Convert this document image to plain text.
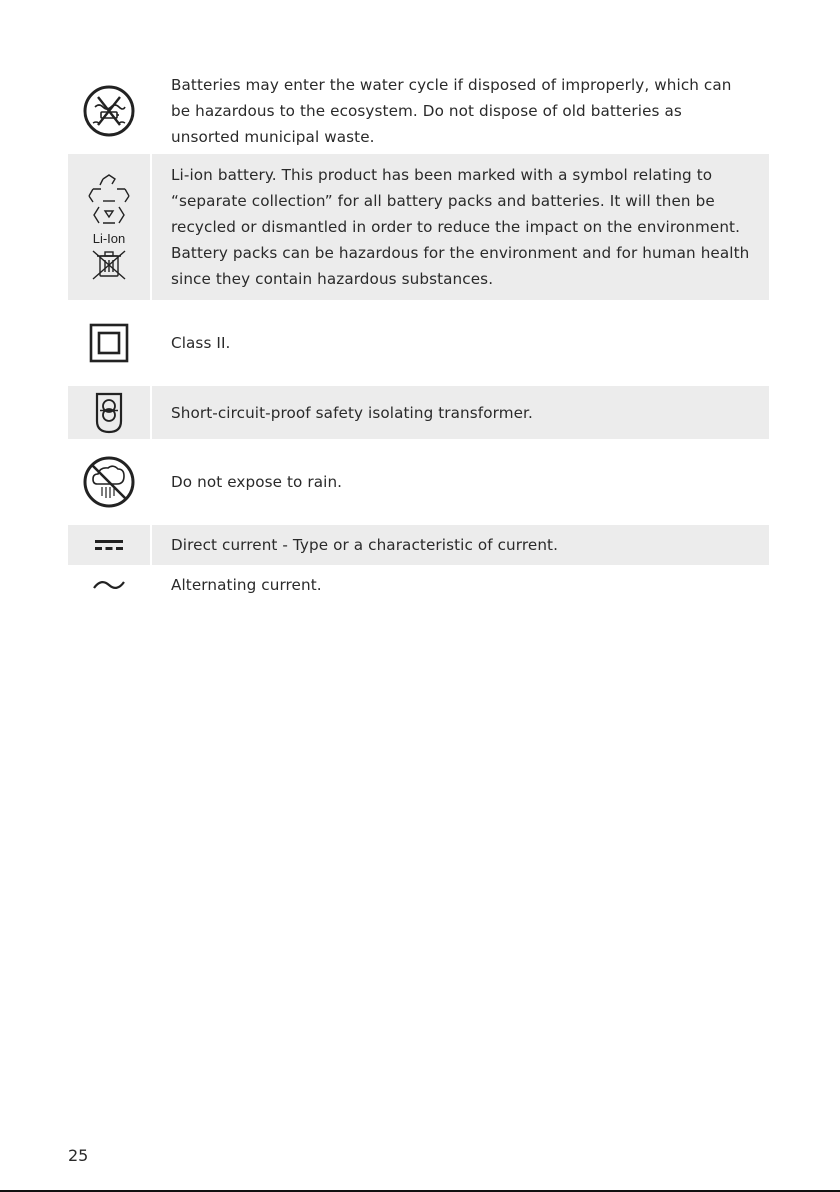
Batteries may enter the water cycle if disposed of improperly, which can be hazardous to the ecosystem. Do not dispose of old batteries as unsorted municipal waste.
Li-Ion
Li-ion battery. This product has been marked with a symbol relating to “separate collection” for all battery packs and batteries. It will then be recycled or dismantled in order to reduce the impact on the environment. Battery packs can be hazardous for the environment and for human health since they contain hazardous substances.
Class II.
Short-circuit-proof safety isolating transformer.
Do not expose to rain.
Direct current - Type or a characteristic of current.
Alternating current.
25
